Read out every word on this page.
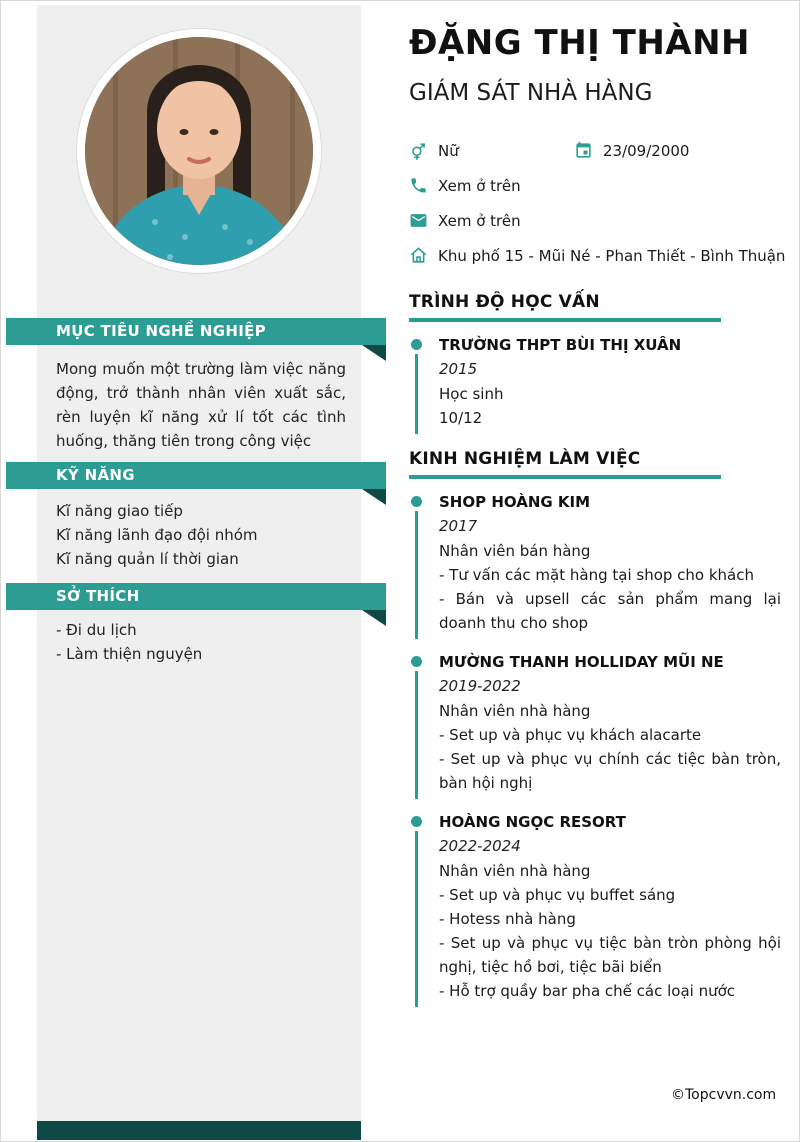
MỤC TIÊU NGHỀ NGHIỆP

Mong muốn một trường làm việc năng động, trở thành nhân viên xuất sắc, rèn luyện kĩ năng xử lí tốt các tình huống, thăng tiên trong công việc

KỸ NĂNG
Kĩ năng giao tiếp
Kĩ năng lãnh đạo đội nhóm
Kĩ năng quản lí thời gian
SỞ THÍCH
- Đi du lịch
- Làm thiện nguyện
ĐẶNG THỊ THÀNH
GIÁM SÁT NHÀ HÀNG
Nữ	23/09/2000
Xem ở trên
Xem ở trên
Khu phố 15 - Mũi Né - Phan Thiết - Bình Thuận
TRÌNH ĐỘ HỌC VẤN
TRƯỜNG THPT BÙI THỊ XUÂN
2015
Học sinh
10/12
KINH NGHIỆM LÀM VIỆC
SHOP HOÀNG KIM
2017
Nhân viên bán hàng
- Tư vấn các mặt hàng tại shop cho khách
- Bán và upsell các sản phẩm mang lại doanh thu cho shop
MƯỜNG THANH HOLLIDAY MŨI NE
2019-2022
Nhân viên nhà hàng
- Set up và phục vụ khách alacarte
- Set up và phục vụ chính các tiệc bàn tròn, bàn hội nghị
HOÀNG NGỌC RESORT
2022-2024
Nhân viên nhà hàng
- Set up và phục vụ buffet sáng
- Hotess nhà hàng
- Set up và phục vụ tiệc bàn tròn phòng hội nghị, tiệc hồ bơi, tiệc bãi biển
- Hỗ trợ quầy bar pha chế các loại nước
©Topcvvn.com
